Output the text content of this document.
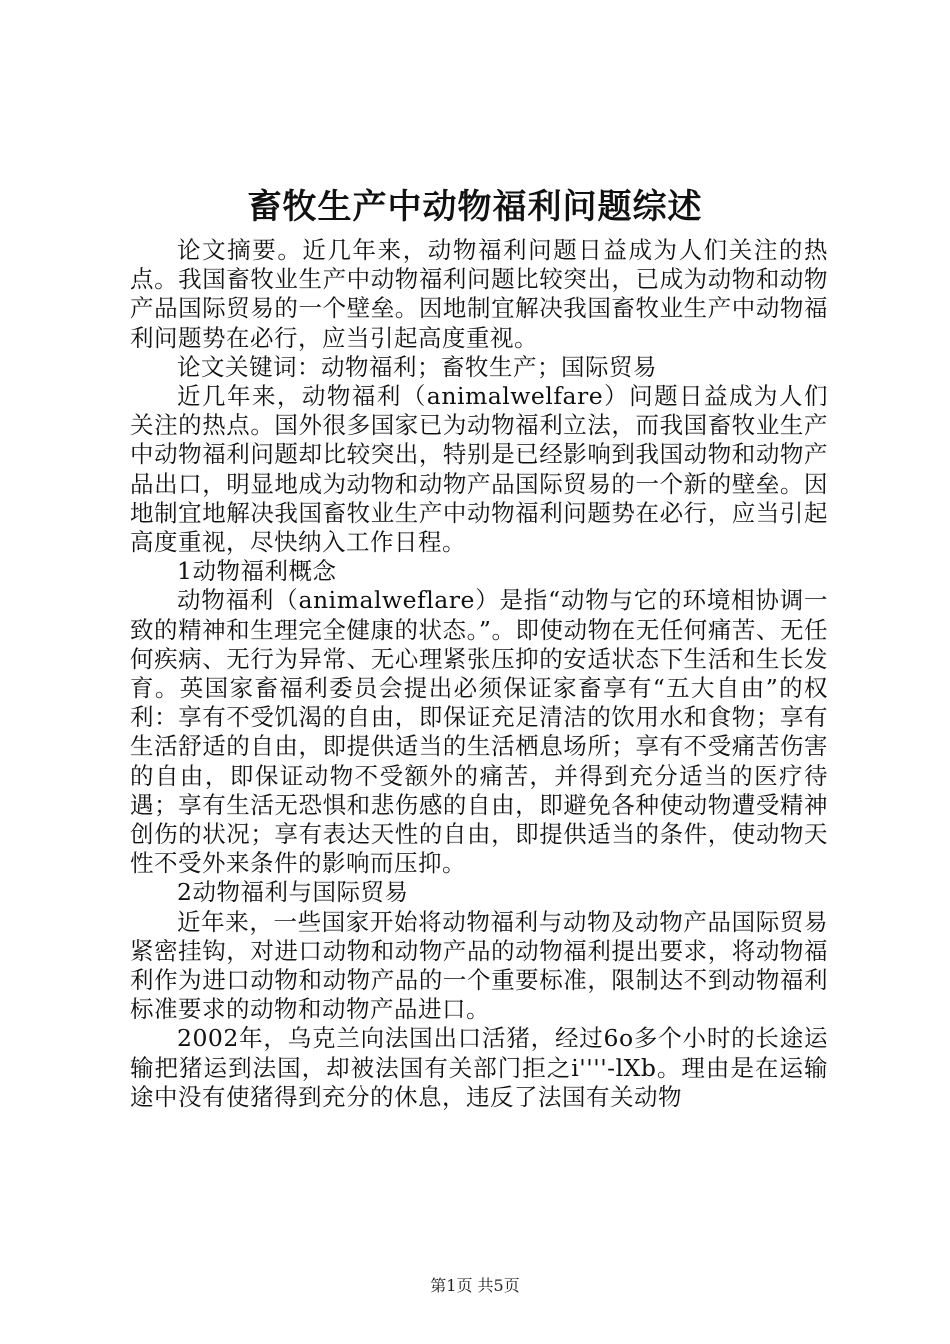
畜牧生产中动物福利问题综述

论文摘要。近几年来，动物福利问题日益成为人们关注的热点。我国畜牧业生产中动物福利问题比较突出，已成为动物和动物产品国际贸易的一个壁垒。因地制宜解决我国畜牧业生产中动物福利问题势在必行，应当引起高度重视。

论文关键词：动物福利；畜牧生产；国际贸易

近几年来，动物福利（animalwelfare）问题日益成为人们关注的热点。国外很多国家已为动物福利立法，而我国畜牧业生产中动物福利问题却比较突出，特别是已经影响到我国动物和动物产品出口，明显地成为动物和动物产品国际贸易的一个新的壁垒。因地制宜地解决我国畜牧业生产中动物福利问题势在必行，应当引起高度重视，尽快纳入工作日程。

1动物福利概念

动物福利（animalweflare）是指“动物与它的环境相协调一致的精神和生理完全健康的状态。”。即使动物在无任何痛苦、无任何疾病、无行为异常、无心理紧张压抑的安适状态下生活和生长发育。英国家畜福利委员会提出必须保证家畜享有“五大自由”的权利：享有不受饥渴的自由，即保证充足清洁的饮用水和食物；享有生活舒适的自由，即提供适当的生活栖息场所；享有不受痛苦伤害的自由，即保证动物不受额外的痛苦，并得到充分适当的医疗待遇；享有生活无恐惧和悲伤感的自由，即避免各种使动物遭受精神创伤的状况；享有表达天性的自由，即提供适当的条件，使动物天性不受外来条件的影响而压抑。

2动物福利与国际贸易

近年来，一些国家开始将动物福利与动物及动物产品国际贸易紧密挂钩，对进口动物和动物产品的动物福利提出要求，将动物福利作为进口动物和动物产品的一个重要标准，限制达不到动物福利标准要求的动物和动物产品进口。

2002年，乌克兰向法国出口活猪，经过6o多个小时的长途运输把猪运到法国，却被法国有关部门拒之i''''-lXb。理由是在运输途中没有使猪得到充分的休息，违反了法国有关动物

第1页 共5页
